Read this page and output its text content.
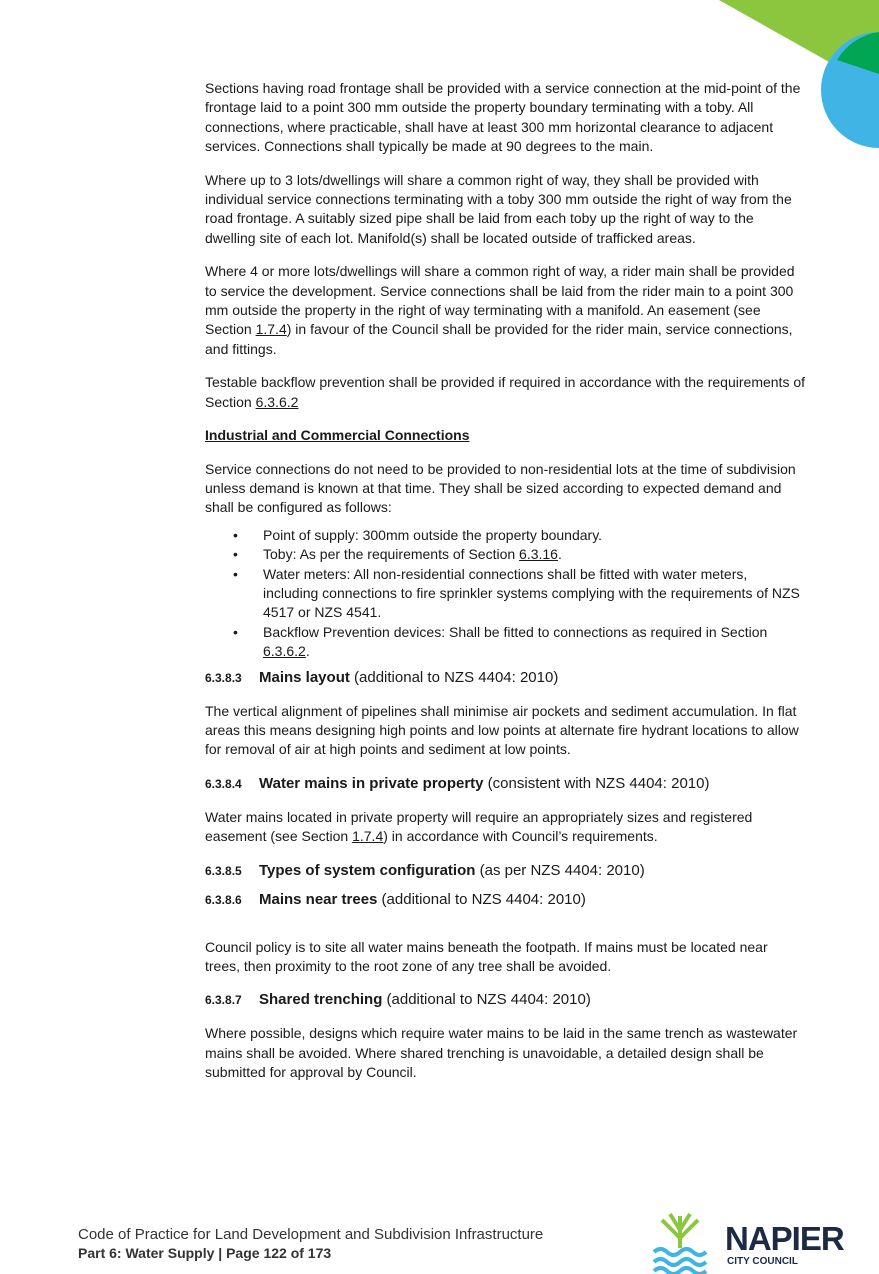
Sections having road frontage shall be provided with a service connection at the mid-point of the frontage laid to a point 300 mm outside the property boundary terminating with a toby. All connections, where practicable, shall have at least 300 mm horizontal clearance to adjacent services. Connections shall typically be made at 90 degrees to the main.

Where up to 3 lots/dwellings will share a common right of way, they shall be provided with individual service connections terminating with a toby 300 mm outside the right of way from the road frontage. A suitably sized pipe shall be laid from each toby up the right of way to the dwelling site of each lot. Manifold(s) shall be located outside of trafficked areas.

Where 4 or more lots/dwellings will share a common right of way, a rider main shall be provided to service the development. Service connections shall be laid from the rider main to a point 300 mm outside the property in the right of way terminating with a manifold. An easement (see Section 1.7.4) in favour of the Council shall be provided for the rider main, service connections, and fittings.

Testable backflow prevention shall be provided if required in accordance with the requirements of Section 6.3.6.2

Industrial and Commercial Connections

Service connections do not need to be provided to non-residential lots at the time of subdivision unless demand is known at that time. They shall be sized according to expected demand and shall be configured as follows:

• Point of supply: 300mm outside the property boundary.
• Toby: As per the requirements of Section 6.3.16.
• Water meters: All non-residential connections shall be fitted with water meters, including connections to fire sprinkler systems complying with the requirements of NZS 4517 or NZS 4541.
• Backflow Prevention devices: Shall be fitted to connections as required in Section 6.3.6.2.
6.3.8.3 Mains layout (additional to NZS 4404: 2010)

The vertical alignment of pipelines shall minimise air pockets and sediment accumulation. In flat areas this means designing high points and low points at alternate fire hydrant locations to allow for removal of air at high points and sediment at low points.

6.3.8.4 Water mains in private property (consistent with NZS 4404: 2010)

Water mains located in private property will require an appropriately sizes and registered easement (see Section 1.7.4) in accordance with Council’s requirements.

6.3.8.5 Types of system configuration (as per NZS 4404: 2010)
6.3.8.6 Mains near trees (additional to NZS 4404: 2010)

Council policy is to site all water mains beneath the footpath. If mains must be located near trees, then proximity to the root zone of any tree shall be avoided.

6.3.8.7 Shared trenching (additional to NZS 4404: 2010)

Where possible, designs which require water mains to be laid in the same trench as wastewater mains shall be avoided. Where shared trenching is unavoidable, a detailed design shall be submitted for approval by Council.

Code of Practice for Land Development and Subdivision Infrastructure
Part 6: Water Supply | Page 122 of 173	NAPIER
CITY COUNCIL
